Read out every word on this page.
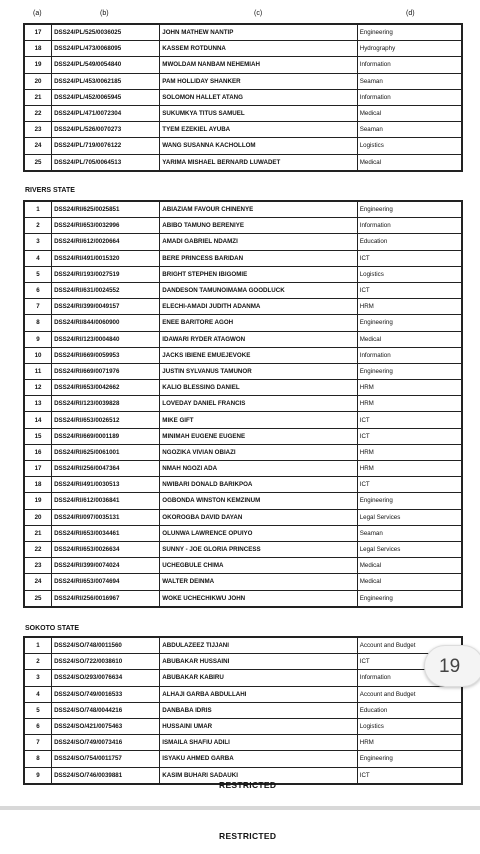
(a)	(b)	(c)	(d)
17	DSS24/PL/525/0036025	JOHN MATHEW NANTIP	Engineering
18	DSS24/PL/473/0068095	KASSEM ROTDUNNA	Hydrography
19	DSS24/PL/549/0054840	MWOLDAM NANBAM NEHEMIAH	Information
20	DSS24/PL/453/0062185	PAM HOLLIDAY SHANKER	Seaman
21	DSS24/PL/452/0065945	SOLOMON HALLET ATANG	Information
22	DSS24/PL/471/0072304	SUKUMKYA TITUS SAMUEL	Medical
23	DSS24/PL/526/0070273	TYEM EZEKIEL AYUBA	Seaman
24	DSS24/PL/719/0076122	WANG SUSANNA KACHOLLOM	Logistics
25	DSS24/PL/705/0064513	YARIMA MISHAEL BERNARD LUWADET	Medical
RIVERS STATE
1	DSS24/RI/625/0025851	ABIAZIAM FAVOUR CHINENYE	Engineering
2	DSS24/RI/653/0032996	ABIBO TAMUNO BERENIYE	Information
3	DSS24/RI/612/0020664	AMADI GABRIEL NDAMZI	Education
4	DSS24/RI/491/0015320	BERE PRINCESS BARIDAN	ICT
5	DSS24/RI/193/0027519	BRIGHT STEPHEN IBIGOMIE	Logistics
6	DSS24/RI/631/0024552	DANDESON TAMUNOIMAMA GOODLUCK	ICT
7	DSS24/RI/399/0049157	ELECHI-AMADI JUDITH ADANMA	HRM
8	DSS24/RI/844/0060900	ENEE BARITORE AGOH	Engineering
9	DSS24/RI/123/0004840	IDAWARI RYDER ATAGWON	Medical
10	DSS24/RI/669/0059953	JACKS IBIENE EMUEJEVOKE	Information
11	DSS24/RI/669/0071976	JUSTIN SYLVANUS TAMUNOR	Engineering
12	DSS24/RI/653/0042662	KALIO BLESSING DANIEL	HRM
13	DSS24/RI/123/0039828	LOVEDAY DANIEL FRANCIS	HRM
14	DSS24/RI/653/0026512	MIKE GIFT	ICT
15	DSS24/RI/669/0001189	MINIMAH EUGENE EUGENE	ICT
16	DSS24/RI/625/0061001	NGOZIKA VIVIAN OBIAZI	HRM
17	DSS24/RI/256/0047364	NMAH NGOZI ADA	HRM
18	DSS24/RI/491/0030513	NWIBARI DONALD BARIKPOA	ICT
19	DSS24/RI/612/0036841	OGBONDA WINSTON KEMZINUM	Engineering
20	DSS24/RI/097/0035131	OKOROGBA DAVID DAYAN	Legal Services
21	DSS24/RI/653/0034461	OLUNWA LAWRENCE OPUIYO	Seaman
22	DSS24/RI/653/0026634	SUNNY - JOE GLORIA PRINCESS	Legal Services
23	DSS24/RI/399/0074024	UCHEGBULE CHIMA	Medical
24	DSS24/RI/653/0074694	WALTER DEINMA	Medical
25	DSS24/RI/256/0016967	WOKE UCHECHIKWU JOHN	Engineering
SOKOTO STATE
1	DSS24/SO/748/0011560	ABDULAZEEZ TIJJANI	Account and Budget
2	DSS24/SO/722/0038610	ABUBAKAR HUSSAINI	ICT
3	DSS24/SO/293/0076634	ABUBAKAR KABIRU	Information
4	DSS24/SO/749/0016533	ALHAJI GARBA ABDULLAHI	Account and Budget
5	DSS24/SO/748/0044216	DANBABA IDRIS	Education
6	DSS24/SO/421/0075463	HUSSAINI UMAR	Logistics
7	DSS24/SO/749/0073416	ISMAILA SHAFIU ADILI	HRM
8	DSS24/SO/754/0011757	ISYAKU AHMED GARBA	Engineering
9	DSS24/SO/746/0039881	KASIM BUHARI SADAUKI	ICT
RESTRICTED
RESTRICTED
19
